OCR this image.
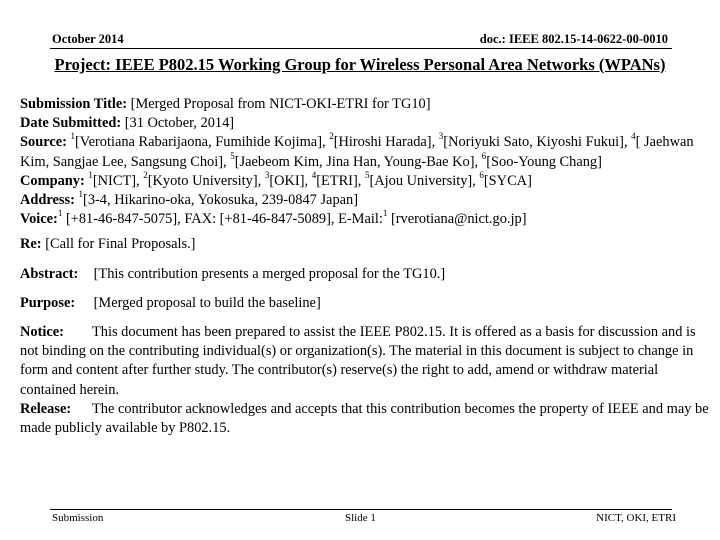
October 2014	doc.: IEEE 802.15-14-0622-00-0010
Project: IEEE P802.15 Working Group for Wireless Personal Area Networks (WPANs)

Submission Title: [Merged Proposal from NICT-OKI-ETRI for TG10]

Date Submitted: [31 October, 2014]

Source: $^1$[Verotiana Rabarijaona, Fumihide Kojima], $^2$[Hiroshi Harada], $^3$[Noriyuki Sato, Kiyoshi Fukui], $^4$[ Jaehwan Kim, Sangjae Lee, Sangsung Choi], $^5$[Jaebeom Kim, Jina Han, Young-Bae Ko], $^6$[Soo-Young Chang]

Company: $^1$[NICT], $^2$[Kyoto University], $^3$[OKI], $^4$[ETRI], $^5$[Ajou University], $^6$[SYCA]

Address: $^1$[3-4, Hikarino-oka, Yokosuka, 239-0847 Japan]

Voice:$^1$ [+81-46-847-5075], FAX: [+81-46-847-5089], E-Mail:$^1$ [rverotiana@nict.go.jp]

Re: [Call for Final Proposals.]

Abstract: [This contribution presents a merged proposal for the TG10.]

Purpose: [Merged proposal to build the baseline]

Notice: This document has been prepared to assist the IEEE P802.15. It is offered as a basis for discussion and is not binding on the contributing individual(s) or organization(s). The material in this document is subject to change in form and content after further study. The contributor(s) reserve(s) the right to add, amend or withdraw material contained herein.

Release: The contributor acknowledges and accepts that this contribution becomes the property of IEEE and may be made publicly available by P802.15.

Submission	Slide 1	NICT, OKI, ETRI
